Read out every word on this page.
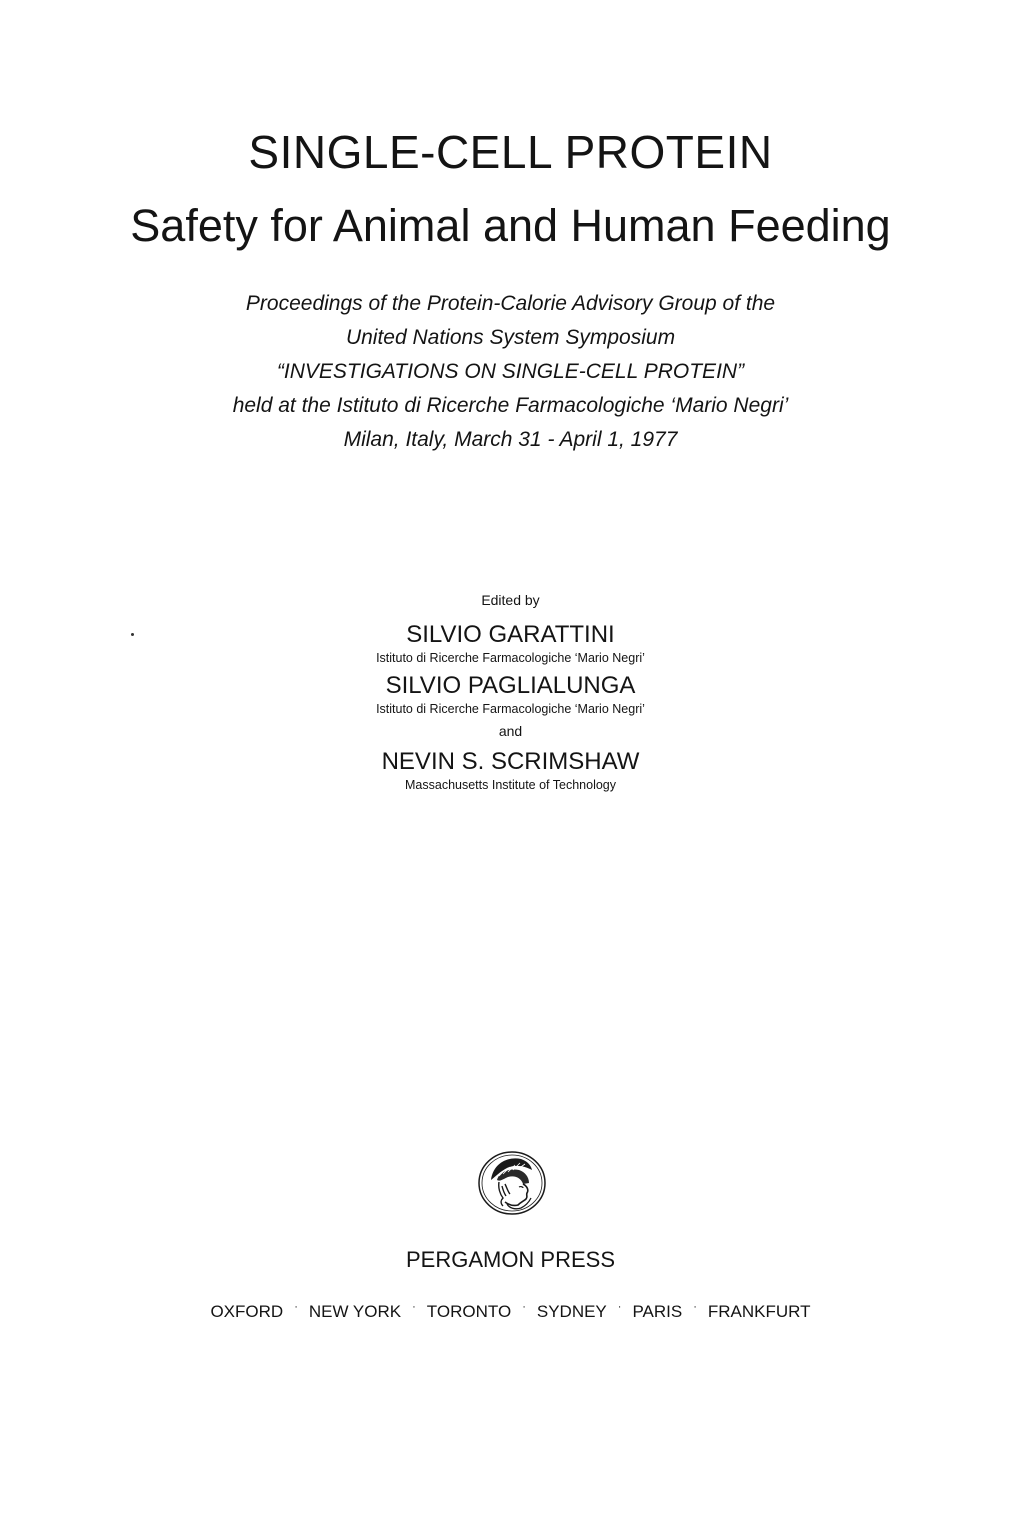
SINGLE-CELL PROTEIN
Safety for Animal and Human Feeding
Proceedings of the Protein-Calorie Advisory Group of the
United Nations System Symposium
“INVESTIGATIONS ON SINGLE-CELL PROTEIN”
held at the Istituto di Ricerche Farmacologiche ‘Mario Negri’
Milan, Italy, March 31 - April 1, 1977
Edited by
SILVIO GARATTINI
Istituto di Ricerche Farmacologiche ‘Mario Negri’
SILVIO PAGLIALUNGA
Istituto di Ricerche Farmacologiche ‘Mario Negri’
and
NEVIN S. SCRIMSHAW
Massachusetts Institute of Technology
PERGAMON PRESS
OXFORD · NEW YORK · TORONTO · SYDNEY · PARIS · FRANKFURT
